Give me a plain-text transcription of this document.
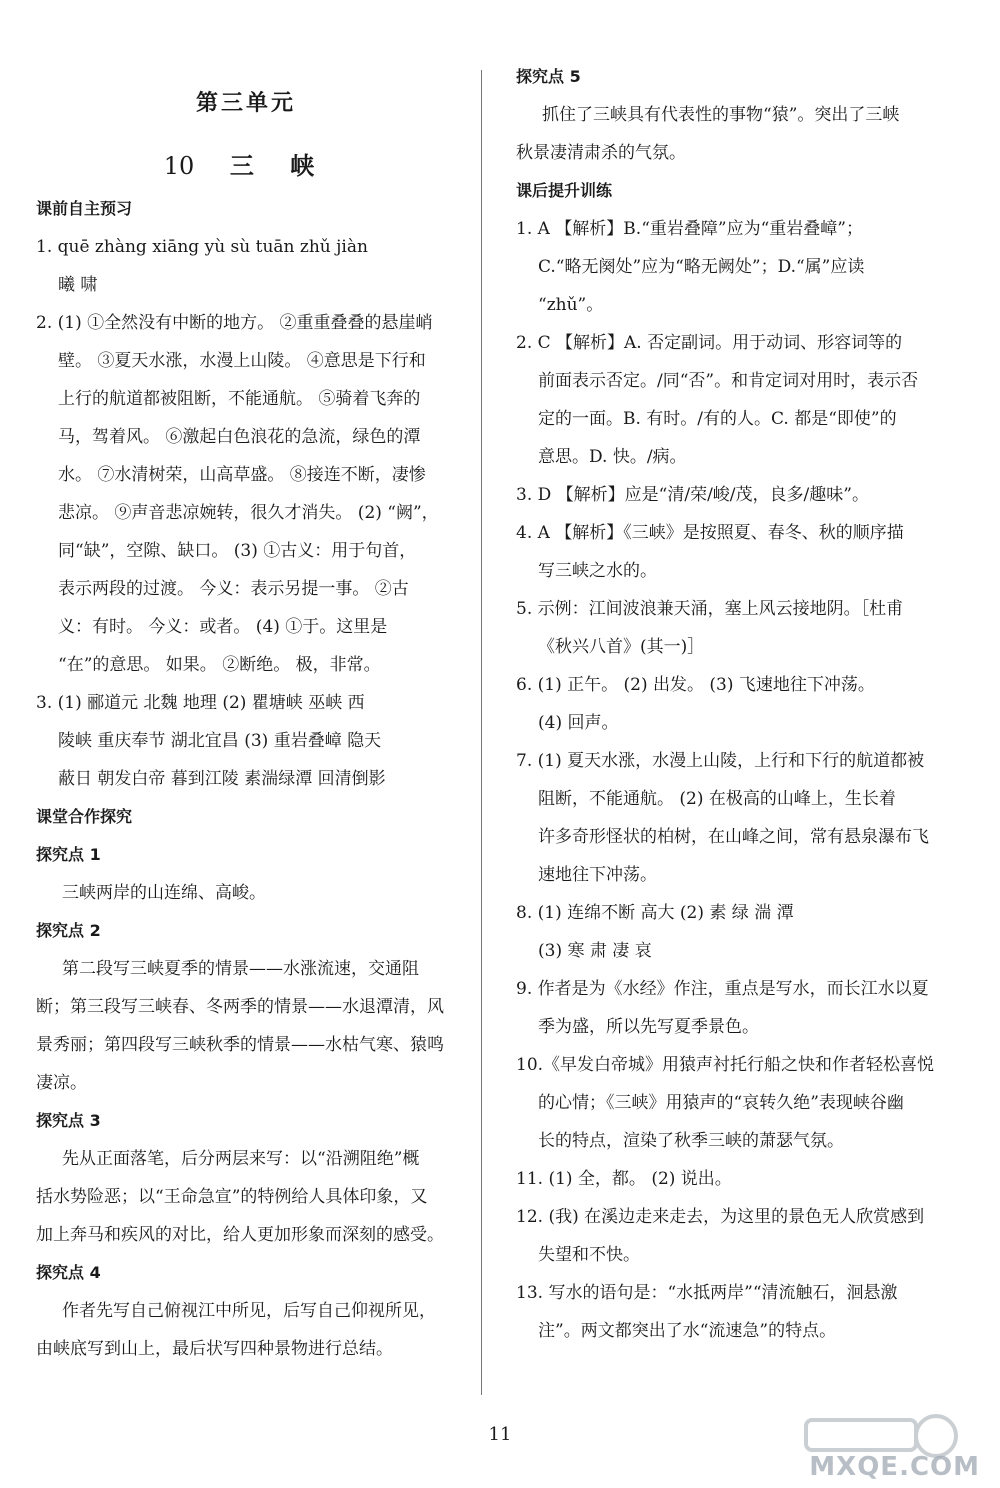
第三单元
10 三 峡
课前自主预习
1. quē zhàng xiāng yù sù tuān zhǔ jiàn
曦 啸
2. (1) ①全然没有中断的地方。 ②重重叠叠的悬崖峭
壁。 ③夏天水涨，水漫上山陵。 ④意思是下行和
上行的航道都被阻断，不能通航。 ⑤骑着飞奔的
马，驾着风。 ⑥激起白色浪花的急流，绿色的潭
水。 ⑦水清树荣，山高草盛。 ⑧接连不断，凄惨
悲凉。 ⑨声音悲凉婉转，很久才消失。 (2) “阙”，
同“缺”，空隙、缺口。 (3) ①古义：用于句首，
表示两段的过渡。 今义：表示另提一事。 ②古
义：有时。 今义：或者。 (4) ①于。这里是
“在”的意思。 如果。 ②断绝。 极，非常。
3. (1) 郦道元 北魏 地理 (2) 瞿塘峡 巫峡 西
陵峡 重庆奉节 湖北宜昌 (3) 重岩叠嶂 隐天
蔽日 朝发白帝 暮到江陵 素湍绿潭 回清倒影
课堂合作探究
探究点 1
三峡两岸的山连绵、高峻。
探究点 2
第二段写三峡夏季的情景——水涨流速，交通阻
断；第三段写三峡春、冬两季的情景——水退潭清，风
景秀丽；第四段写三峡秋季的情景——水枯气寒、猿鸣
凄凉。
探究点 3
先从正面落笔，后分两层来写：以“沿溯阻绝”概
括水势险恶；以“王命急宣”的特例给人具体印象，又
加上奔马和疾风的对比，给人更加形象而深刻的感受。
探究点 4
作者先写自己俯视江中所见，后写自己仰视所见，
由峡底写到山上，最后状写四种景物进行总结。
探究点 5
抓住了三峡具有代表性的事物“猿”。突出了三峡
秋景凄清肃杀的气氛。
课后提升训练
1. A 【解析】B.“重岩叠障”应为“重岩叠嶂”；
C.“略无阕处”应为“略无阙处”；D.“属”应读
“zhǔ”。
2. C 【解析】A. 否定副词。用于动词、形容词等的
前面表示否定。/同“否”。和肯定词对用时，表示否
定的一面。B. 有时。/有的人。C. 都是“即使”的
意思。D. 快。/病。
3. D 【解析】应是“清/荣/峻/茂，良多/趣味”。
4. A 【解析】《三峡》是按照夏、春冬、秋的顺序描
写三峡之水的。
5. 示例：江间波浪兼天涌，塞上风云接地阴。［杜甫
《秋兴八首》(其一)］
6. (1) 正午。 (2) 出发。 (3) 飞速地往下冲荡。
(4) 回声。
7. (1) 夏天水涨，水漫上山陵，上行和下行的航道都被
阻断，不能通航。 (2) 在极高的山峰上，生长着
许多奇形怪状的柏树，在山峰之间，常有悬泉瀑布飞
速地往下冲荡。
8. (1) 连绵不断 高大 (2) 素 绿 湍 潭
(3) 寒 肃 凄 哀
9. 作者是为《水经》作注，重点是写水，而长江水以夏
季为盛，所以先写夏季景色。
10.《早发白帝城》用猿声衬托行船之快和作者轻松喜悦
的心情；《三峡》用猿声的“哀转久绝”表现峡谷幽
长的特点，渲染了秋季三峡的萧瑟气氛。
11. (1) 全，都。 (2) 说出。
12. (我) 在溪边走来走去，为这里的景色无人欣赏感到
失望和不快。
13. 写水的语句是：“水抵两岸”“清流触石，洄悬激
注”。两文都突出了水“流速急”的特点。
11
MXQE.COM
